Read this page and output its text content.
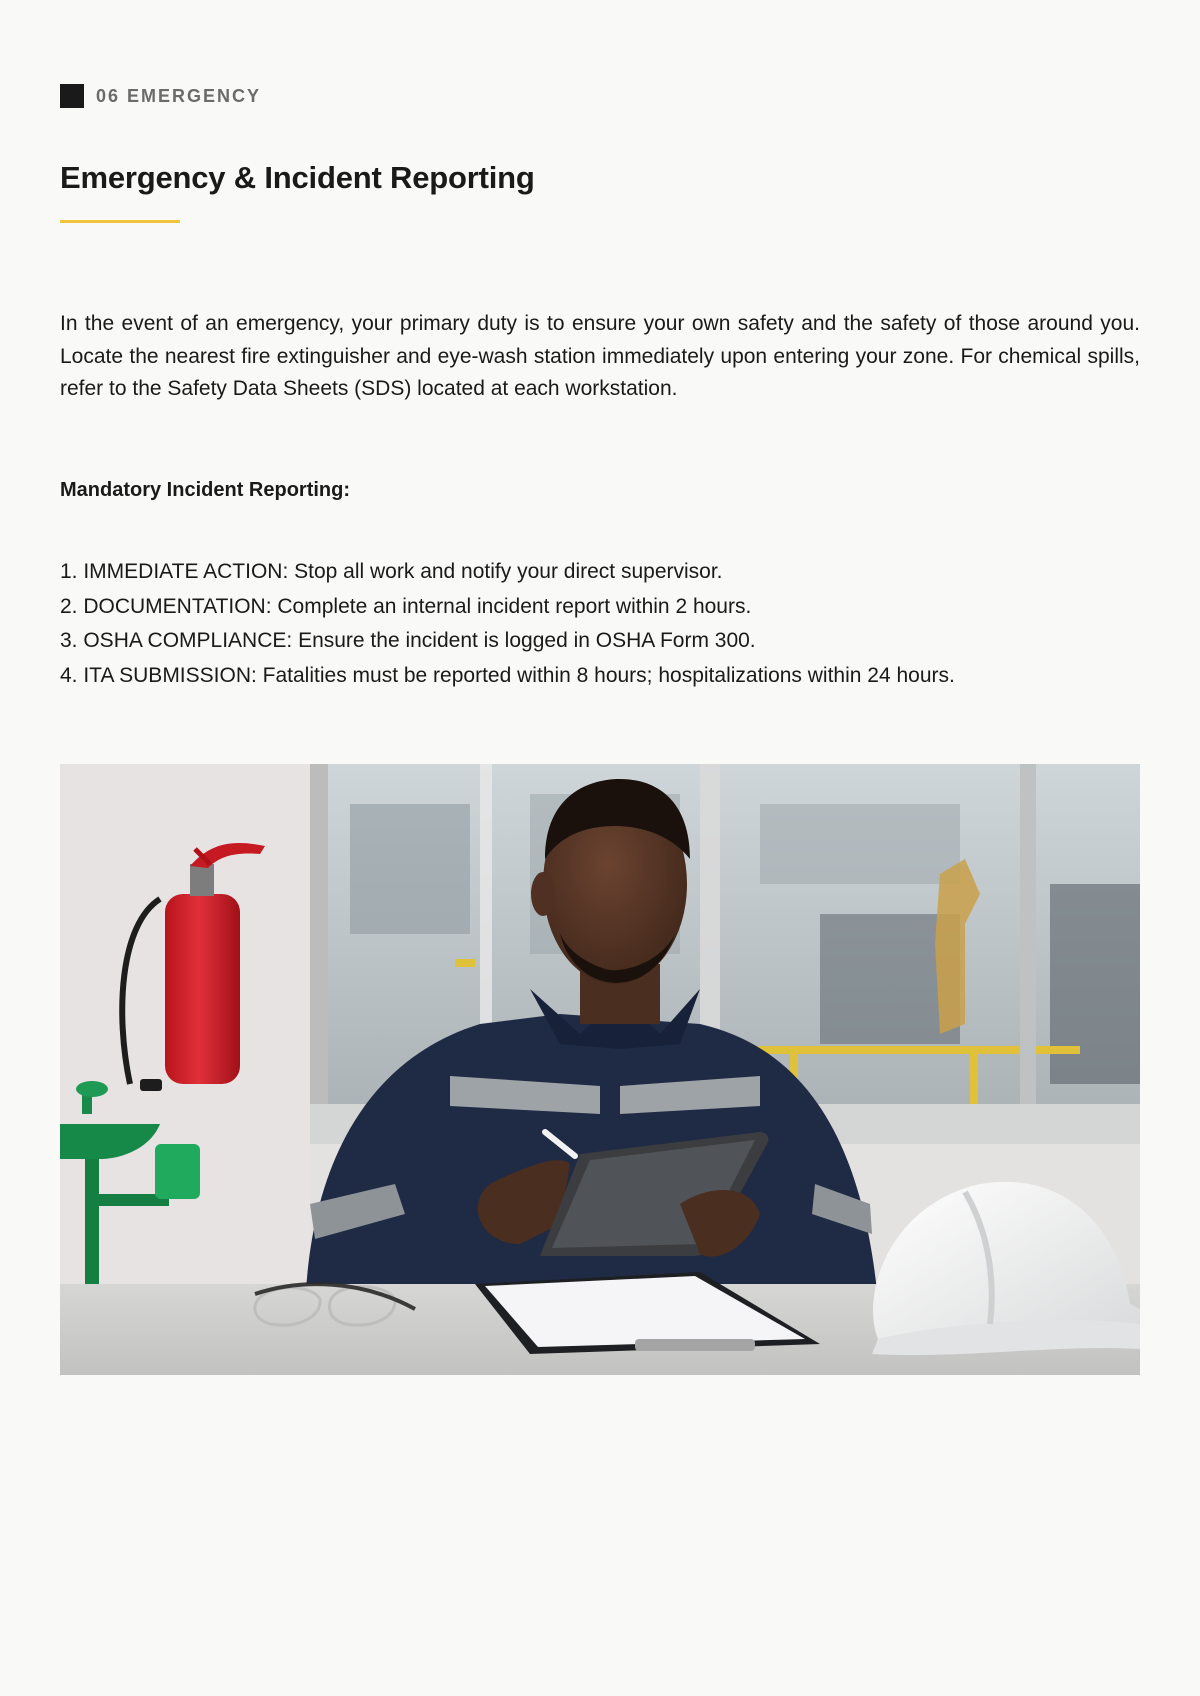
06 EMERGENCY
Emergency & Incident Reporting

In the event of an emergency, your primary duty is to ensure your own safety and the safety of those around you. Locate the nearest fire extinguisher and eye-wash station immediately upon entering your zone. For chemical spills, refer to the Safety Data Sheets (SDS) located at each workstation.

Mandatory Incident Reporting:

1. IMMEDIATE ACTION: Stop all work and notify your direct supervisor.
2. DOCUMENTATION: Complete an internal incident report within 2 hours.
3. OSHA COMPLIANCE: Ensure the incident is logged in OSHA Form 300.
4. ITA SUBMISSION: Fatalities must be reported within 8 hours; hospitalizations within 24 hours.
